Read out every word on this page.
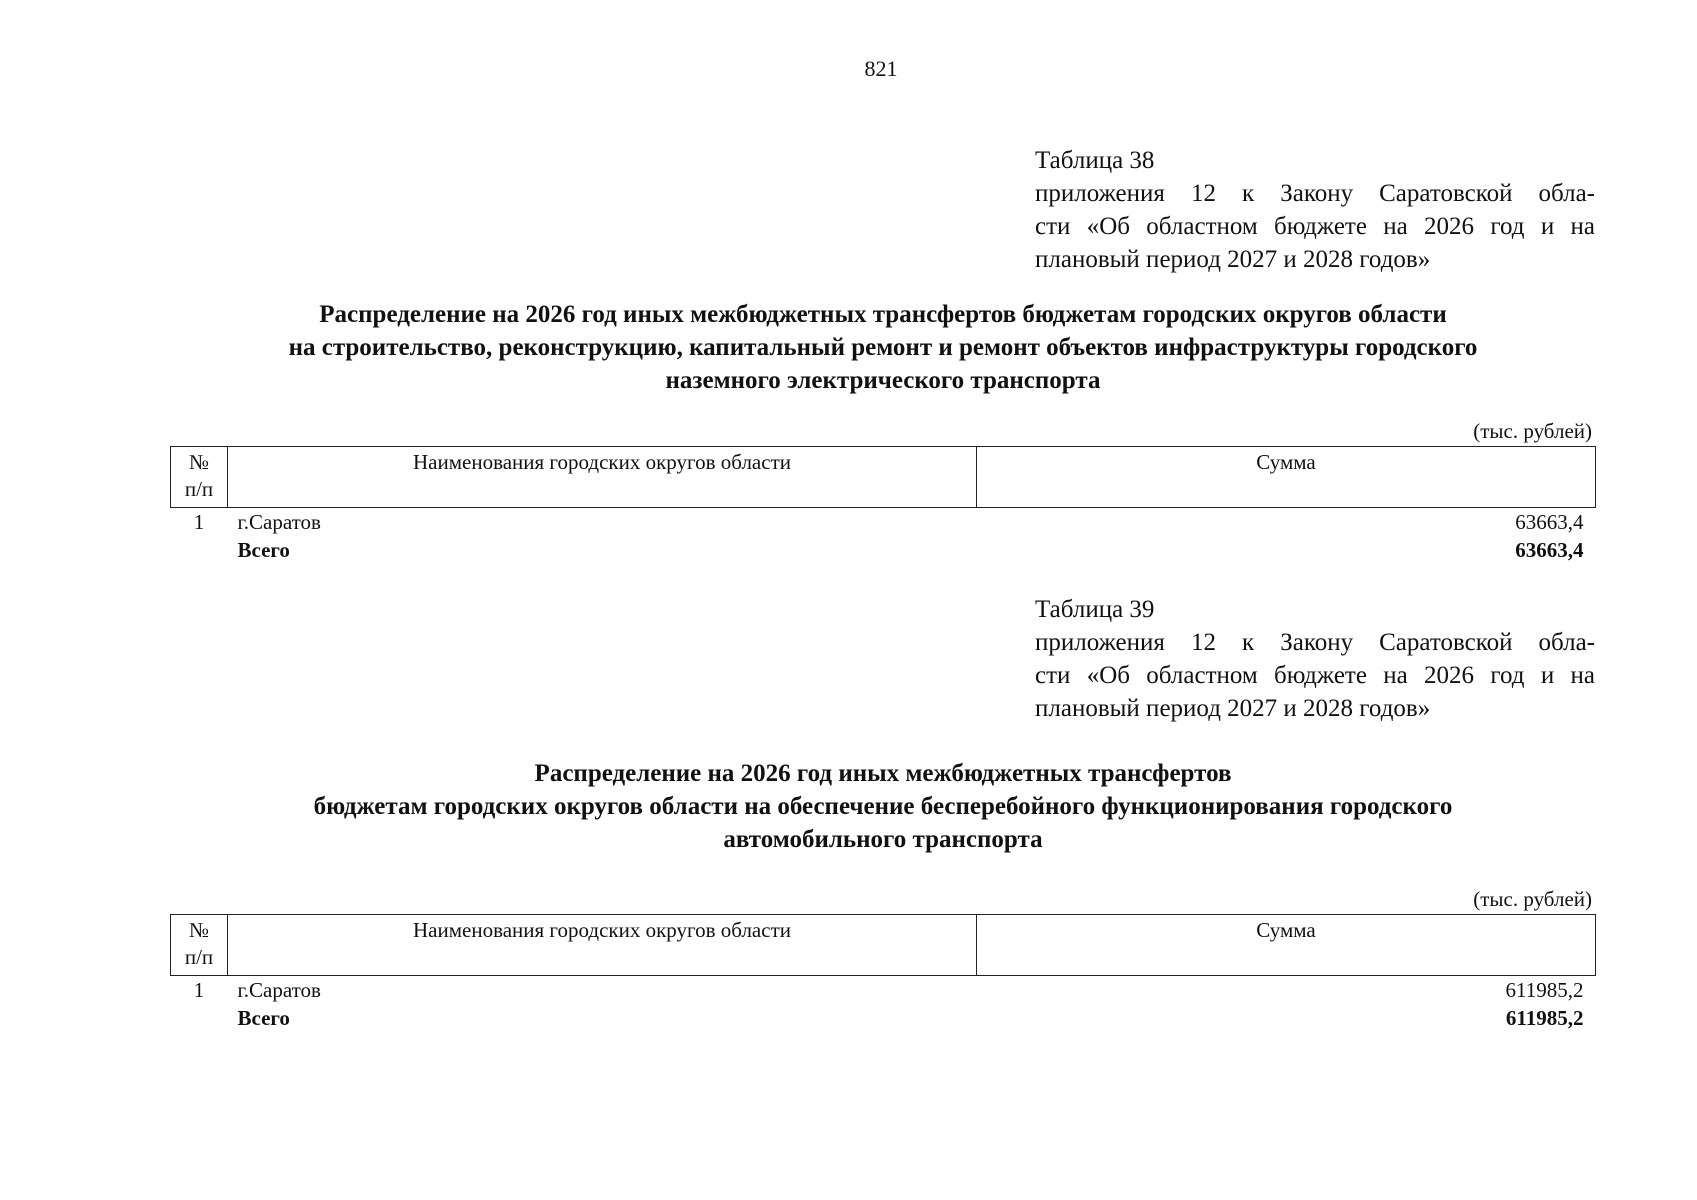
821
Таблица 38
приложения 12 к Закону Саратовской обла-
сти «Об областном бюджете на 2026 год и на
плановый период 2027 и 2028 годов»
Распределение на 2026 год иных межбюджетных трансфертов бюджетам городских округов области
на строительство, реконструкцию, капитальный ремонт и ремонт объектов инфраструктуры городского
наземного электрического транспорта
(тыс. рублей)
№
п/п	Наименования городских округов области	Сумма
1	г.Саратов	63663,4
	Всего	63663,4
Таблица 39
приложения 12 к Закону Саратовской обла-
сти «Об областном бюджете на 2026 год и на
плановый период 2027 и 2028 годов»
Распределение на 2026 год иных межбюджетных трансфертов
бюджетам городских округов области на обеспечение бесперебойного функционирования городского
автомобильного транспорта
(тыс. рублей)
№
п/п	Наименования городских округов области	Сумма
1	г.Саратов	611985,2
	Всего	611985,2
